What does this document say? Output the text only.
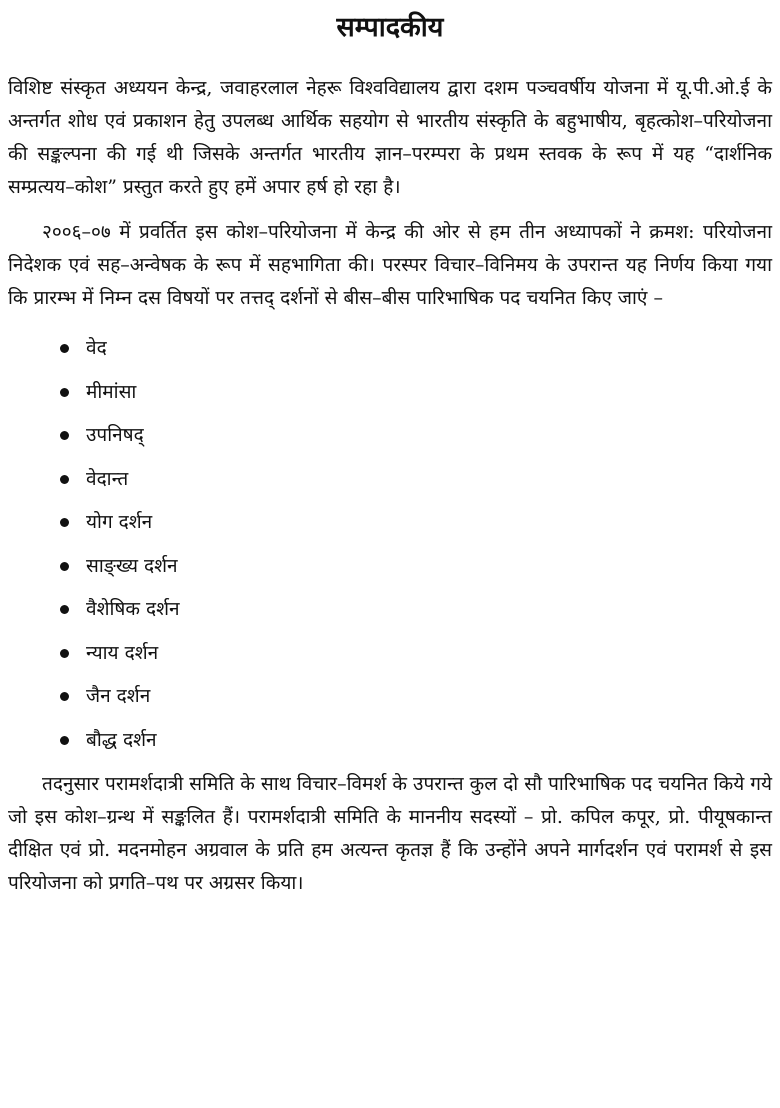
सम्पादकीय

विशिष्ट संस्कृत अध्ययन केन्द्र, जवाहरलाल नेहरू विश्वविद्यालय द्वारा दशम पञ्चवर्षीय योजना में यू.पी.ओ.ई के अन्तर्गत शोध एवं प्रकाशन हेतु उपलब्ध आर्थिक सहयोग से भारतीय संस्कृति के बहुभाषीय, बृहत्कोश–परियोजना की सङ्कल्पना की गई थी जिसके अन्तर्गत भारतीय ज्ञान–परम्परा के प्रथम स्तवक के रूप में यह “दार्शनिक सम्प्रत्यय–कोश” प्रस्तुत करते हुए हमें अपार हर्ष हो रहा है।

२००६–०७ में प्रवर्तित इस कोश–परियोजना में केन्द्र की ओर से हम तीन अध्यापकों ने क्रमश: परियोजना निदेशक एवं सह–अन्वेषक के रूप में सहभागिता की। परस्पर विचार–विनिमय के उपरान्त यह निर्णय किया गया कि प्रारम्भ में निम्न दस विषयों पर तत्तद् दर्शनों से बीस–बीस पारिभाषिक पद चयनित किए जाएं –

वेद
मीमांसा
उपनिषद्
वेदान्त
योग दर्शन
साङ्ख्य दर्शन
वैशेषिक दर्शन
न्याय दर्शन
जैन दर्शन
बौद्ध दर्शन

तदनुसार परामर्शदात्री समिति के साथ विचार–विमर्श के उपरान्त कुल दो सौ पारिभाषिक पद चयनित किये गये जो इस कोश–ग्रन्थ में सङ्कलित हैं। परामर्शदात्री समिति के माननीय सदस्यों – प्रो. कपिल कपूर, प्रो. पीयूषकान्त दीक्षित एवं प्रो. मदनमोहन अग्रवाल के प्रति हम अत्यन्त कृतज्ञ हैं कि उन्होंने अपने मार्गदर्शन एवं परामर्श से इस परियोजना को प्रगति–पथ पर अग्रसर किया।
